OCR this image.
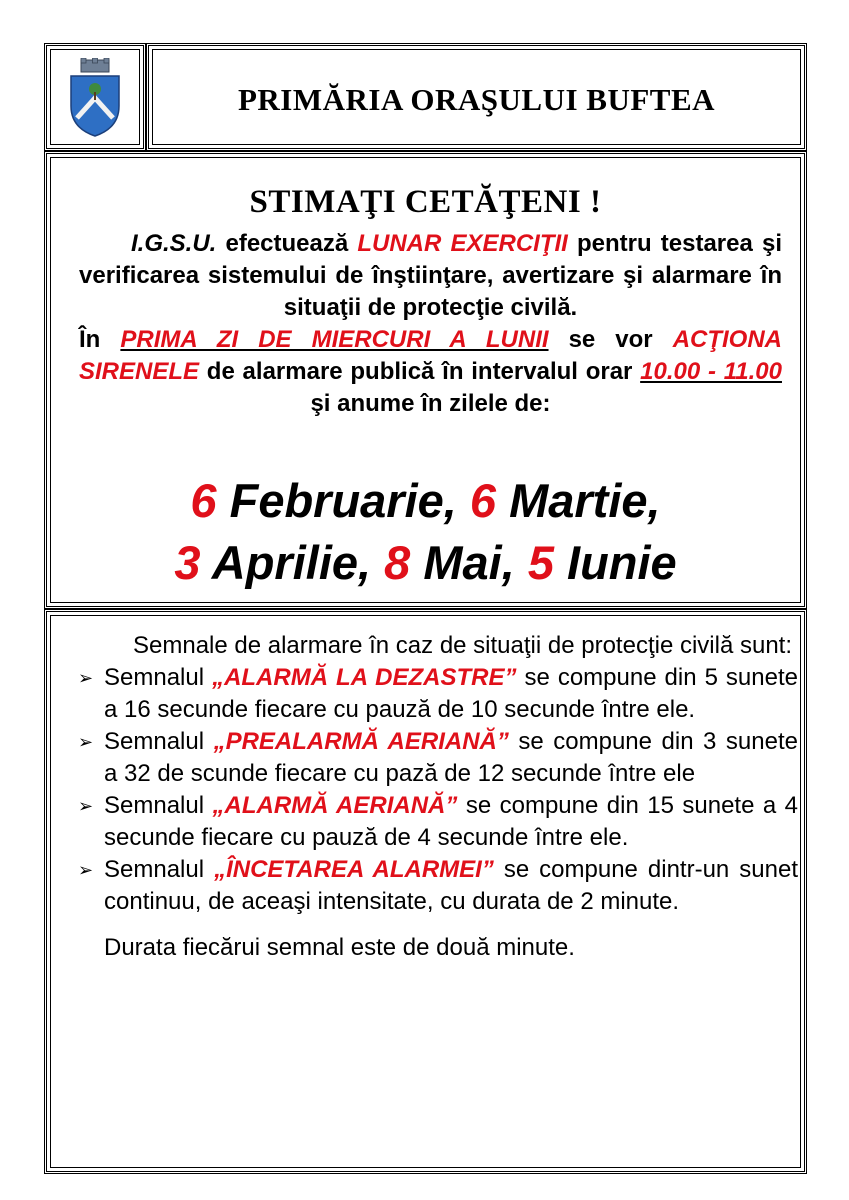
PRIMĂRIA ORAŞULUI BUFTEA
STIMAŢI CETĂŢENI !
I.G.S.U. efectuează LUNAR EXERCIŢII pentru testarea şi verificarea sistemului de înştiinţare, avertizare şi alarmare în situaţii de protecţie civilă.
În PRIMA ZI DE MIERCURI A LUNII se vor ACŢIONA SIRENELE de alarmare publică în intervalul orar 10.00 - 11.00 şi anume în zilele de:
6 Februarie, 6 Martie,
3 Aprilie, 8 Mai, 5 Iunie

Semnale de alarmare în caz de situaţii de protecţie civilă sunt:

➢ Semnalul „ALARMĂ LA DEZASTRE” se compune din 5 sunete a 16 secunde fiecare cu pauză de 10 secunde între ele.
➢ Semnalul „PREALARMĂ AERIANĂ” se compune din 3 sunete a 32 de scunde fiecare cu pază de 12 secunde între ele
➢ Semnalul „ALARMĂ AERIANĂ” se compune din 15 sunete a 4 secunde fiecare cu pauză de 4 secunde între ele.
➢ Semnalul „ÎNCETAREA ALARMEI” se compune dintr-un sunet continuu, de aceaşi intensitate, cu durata de 2 minute.

Durata fiecărui semnal este de două minute.
